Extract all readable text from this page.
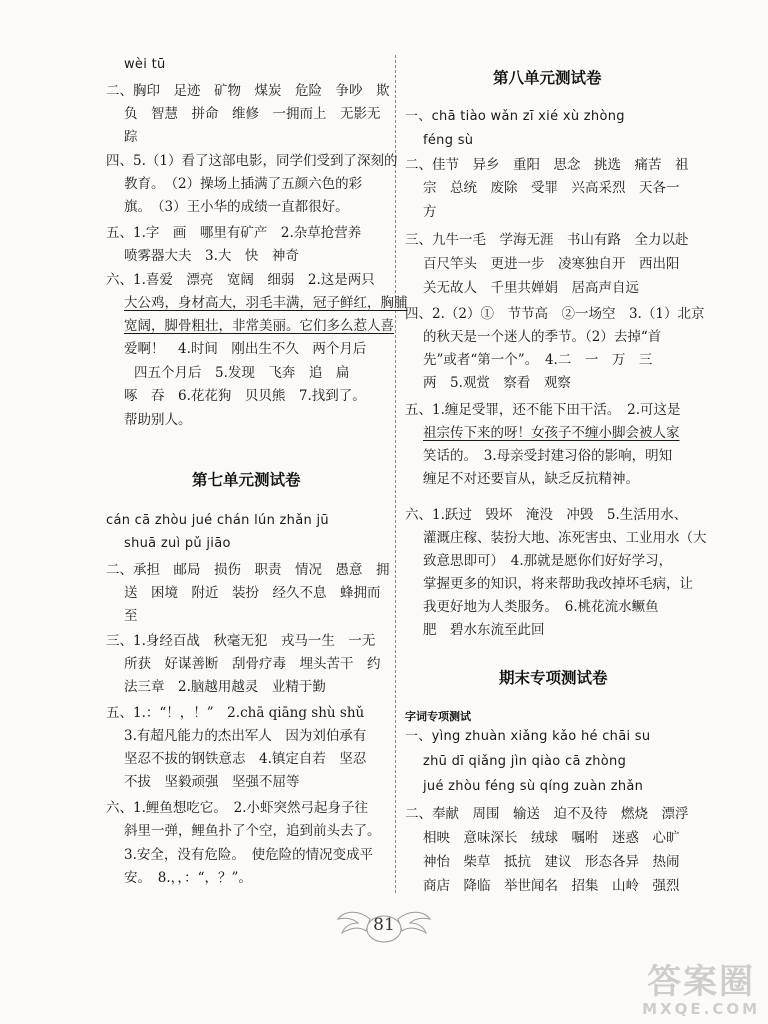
第七单元测试卷
wèi tū
二、胸印　足迹　矿物　煤炭　危险　争吵　欺
负　智慧　拼命　维修　一拥而上　无影无
踪
四、5.（1）看了这部电影，同学们受到了深刻的
教育。　（2）操场上插满了五颜六色的彩
旗。　（3）王小华的成绩一直都很好。
五、1.字　画　哪里有矿产　2.杂草抢营养
喷雾器大夫　3.大　快　神奇
六、1.喜爱　漂亮　宽阔　细弱　2.这是两只
大公鸡，身材高大，羽毛丰满，冠子鲜红，胸脯
宽阔，脚骨粗壮，非常美丽。它们多么惹人喜
爱啊！　4.时间　刚出生不久　两个月后
四五个月后　5.发现　飞奔　追　扁
啄　吞　6.花花狗　贝贝熊　7.找到了。
帮助别人。
cán cā zhòu jué chán lún zhǎn jū
shuā zuì pǔ jiāo
二、承担　邮局　损伤　职责　情况　愚意　拥
送　困境　附近　装扮　经久不息　蜂拥而
至
三、1.身经百战　秋毫无犯　戎马一生　一无
所获　好谋善断　刮骨疗毒　埋头苦干　约
法三章　2.脑越用越灵　业精于勤
五、1.：“！，！”　2.chā qiāng shù shǔ
3.有超凡能力的杰出军人　因为刘伯承有
坚忍不拔的钢铁意志　4.镇定自若　坚忍
不拔　坚毅顽强　坚强不屈等
六、1.鲤鱼想吃它。　2.小虾突然弓起身子往
斜里一弹，鲤鱼扑了个空，追到前头去了。
3.安全，没有危险。　使危险的情况变成平
安。　8.，，：“，？”。
第八单元测试卷
期末专项测试卷
字词专项测试
一、chā tiào wǎn zī xié xù zhòng
féng sù
二、佳节　异乡　重阳　思念　挑选　痛苦　祖
宗　总统　废除　受罪　兴高采烈　天各一
方
三、九牛一毛　学海无涯　书山有路　全力以赴
百尺竿头　更进一步　凌寒独自开　西出阳
关无故人　千里共婵娟　居高声自远
四、2.（2）①　节节高　②一场空　3.（1）北京
的秋天是一个迷人的季节。（2）去掉“首
先”或者“第一个”。　4.二　一　万　三
两　5.观赏　察看　观察
五、1.缠足受罪，还不能下田干活。　2.可这是
祖宗传下来的呀！女孩子不缠小脚会被人家
笑话的。　3.母亲受封建习俗的影响，明知
缠足不对还要盲从，缺乏反抗精神。
六、1.跃过　毁坏　淹没　冲毁　5.生活用水、
灌溉庄稼、装扮大地、冻死害虫、工业用水（大
致意思即可）　4.那就是愿你们好好学习，
掌握更多的知识，将来帮助我改掉坏毛病，让
我更好地为人类服务。　6.桃花流水鳜鱼
肥　碧水东流至此回
一、yìng zhuàn xiǎng kǎo hé chāi su
zhū dī qiǎng jìn qiào cā zhòng
jué zhòu féng sù qíng zuàn zhǎn
二、奉献　周围　输送　迫不及待　燃烧　漂浮
相映　意味深长　绒球　嘱咐　迷惑　心旷
神怡　柴草　抵抗　建议　形态各异　热闹
商店　降临　举世闻名　招集　山岭　强烈
81
答案圈
MXQE.COM
